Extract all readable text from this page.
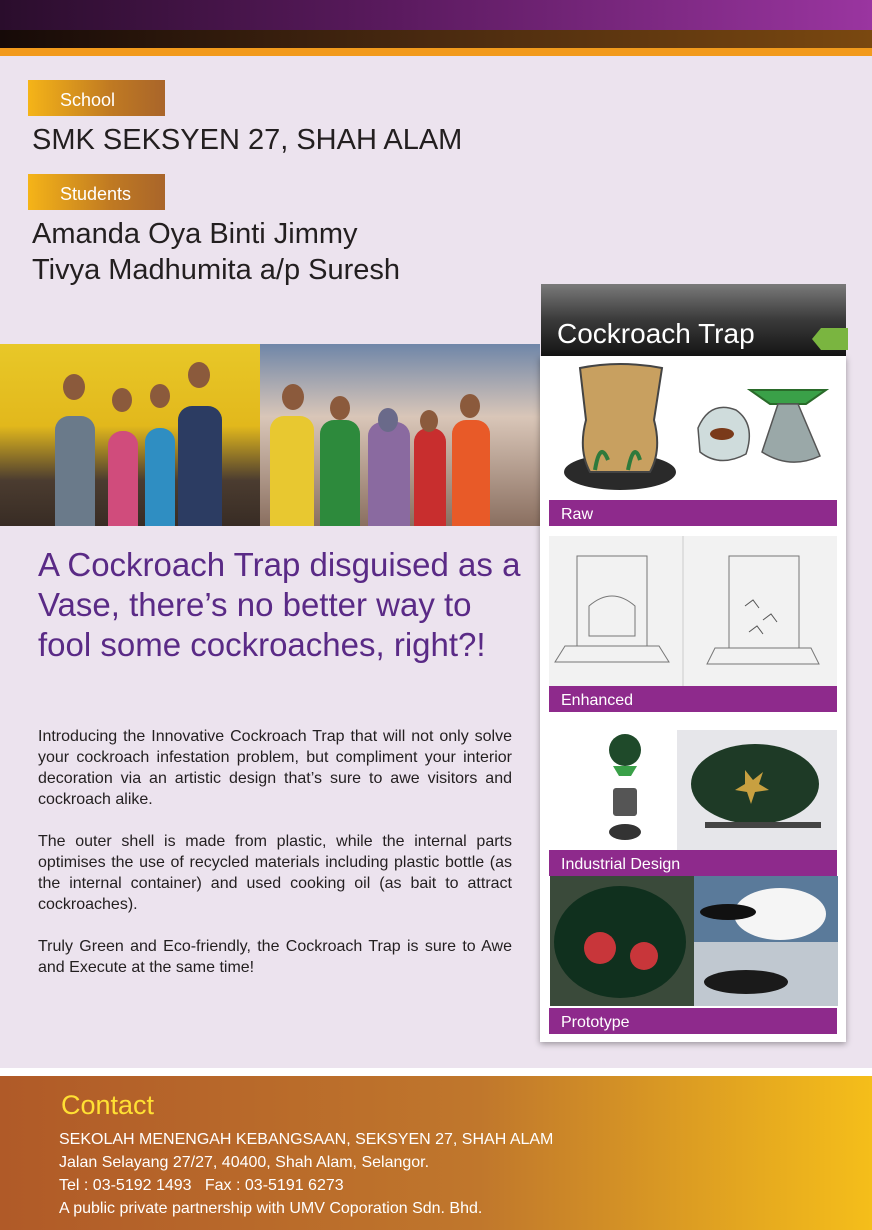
School
SMK SEKSYEN 27, SHAH ALAM
Students
Amanda Oya Binti Jimmy
Tivya Madhumita a/p Suresh
A Cockroach Trap disguised as a Vase, there’s no better way to fool some cockroaches, right?!

Introducing the Innovative Cockroach Trap that will not only solve your cockroach infestation problem, but compliment your interior decoration via an artistic design that’s sure to awe visitors and cockroach alike.

The outer shell is made from plastic, while the internal parts optimises the use of recycled materials including plastic bottle (as the internal container) and used cooking oil (as bait to attract cockroaches).

Truly Green and Eco-friendly, the Cockroach Trap is sure to Awe and Execute at the same time!

Cockroach Trap
Raw
Enhanced
Industrial Design
Prototype
Contact
SEKOLAH MENENGAH KEBANGSAAN, SEKSYEN 27, SHAH ALAM
Jalan Selayang 27/27, 40400, Shah Alam, Selangor.
Tel : 03-5192 1493   Fax : 03-5191 6273
A public private partnership with UMV Coporation Sdn. Bhd.
